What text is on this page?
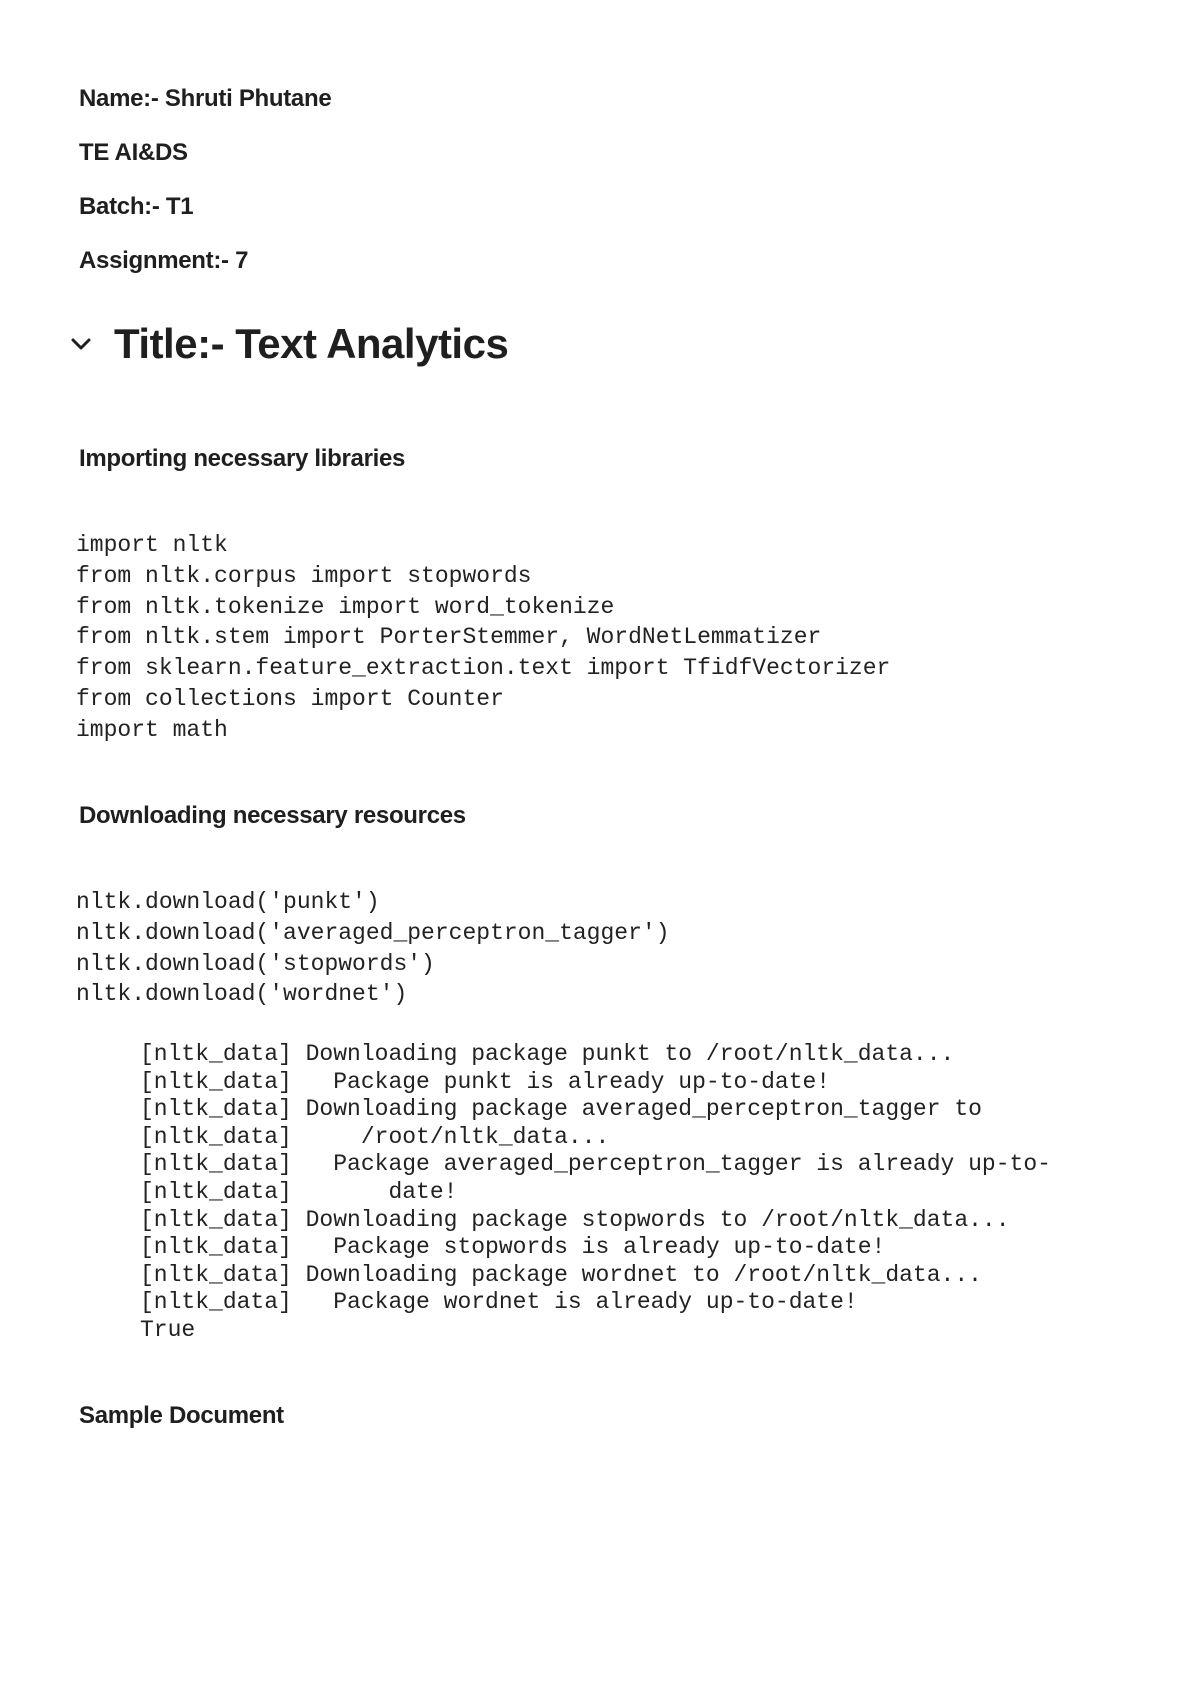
Name:- Shruti Phutane
TE AI&DS
Batch:- T1
Assignment:- 7
Title:- Text Analytics
Importing necessary libraries
import nltk
from nltk.corpus import stopwords
from nltk.tokenize import word_tokenize
from nltk.stem import PorterStemmer, WordNetLemmatizer
from sklearn.feature_extraction.text import TfidfVectorizer
from collections import Counter
import math
Downloading necessary resources
nltk.download('punkt')
nltk.download('averaged_perceptron_tagger')
nltk.download('stopwords')
nltk.download('wordnet')
[nltk_data] Downloading package punkt to /root/nltk_data...
[nltk_data]   Package punkt is already up-to-date!
[nltk_data] Downloading package averaged_perceptron_tagger to
[nltk_data]     /root/nltk_data...
[nltk_data]   Package averaged_perceptron_tagger is already up-to-
[nltk_data]       date!
[nltk_data] Downloading package stopwords to /root/nltk_data...
[nltk_data]   Package stopwords is already up-to-date!
[nltk_data] Downloading package wordnet to /root/nltk_data...
[nltk_data]   Package wordnet is already up-to-date!
True
Sample Document
